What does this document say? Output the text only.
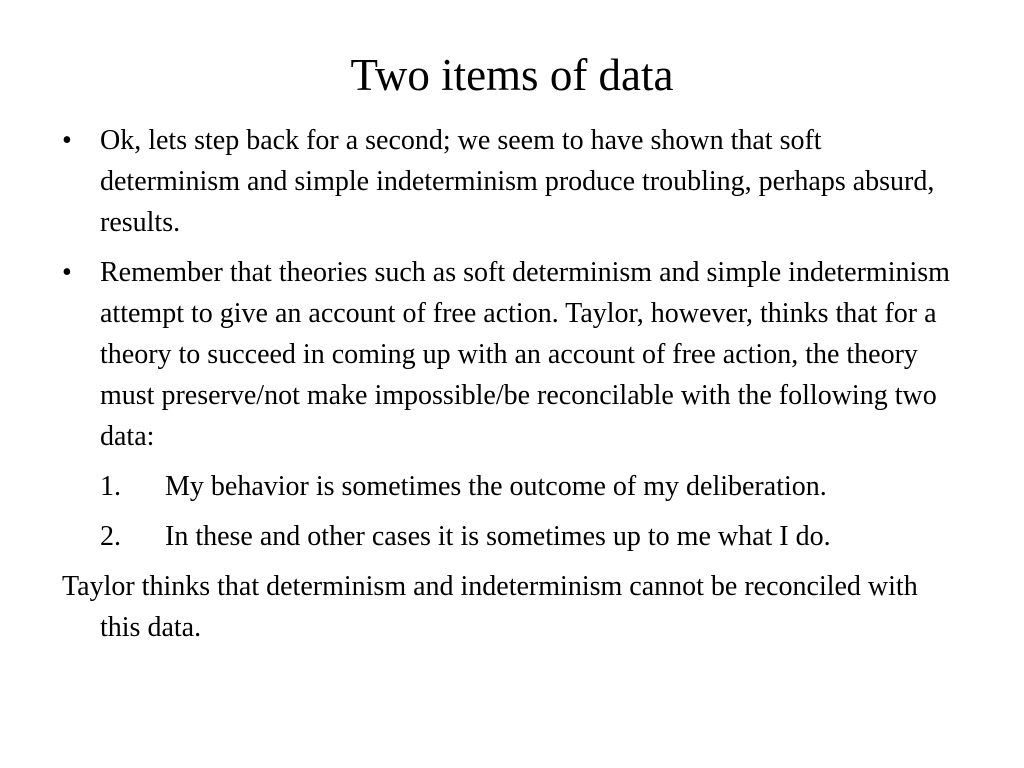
Two items of data
•	Ok, lets step back for a second; we seem to have shown that soft determinism and simple indeterminism produce troubling, perhaps absurd, results.
•	Remember that theories such as soft determinism and simple indeterminism attempt to give an account of free action. Taylor, however, thinks that for a theory to succeed in coming up with an account of free action, the theory must preserve/not make impossible/be reconcilable with the following two data:
1.	My behavior is sometimes the outcome of my deliberation.
2.	In these and other cases it is sometimes up to me what I do.

Taylor thinks that determinism and indeterminism cannot be reconciled with this data.
